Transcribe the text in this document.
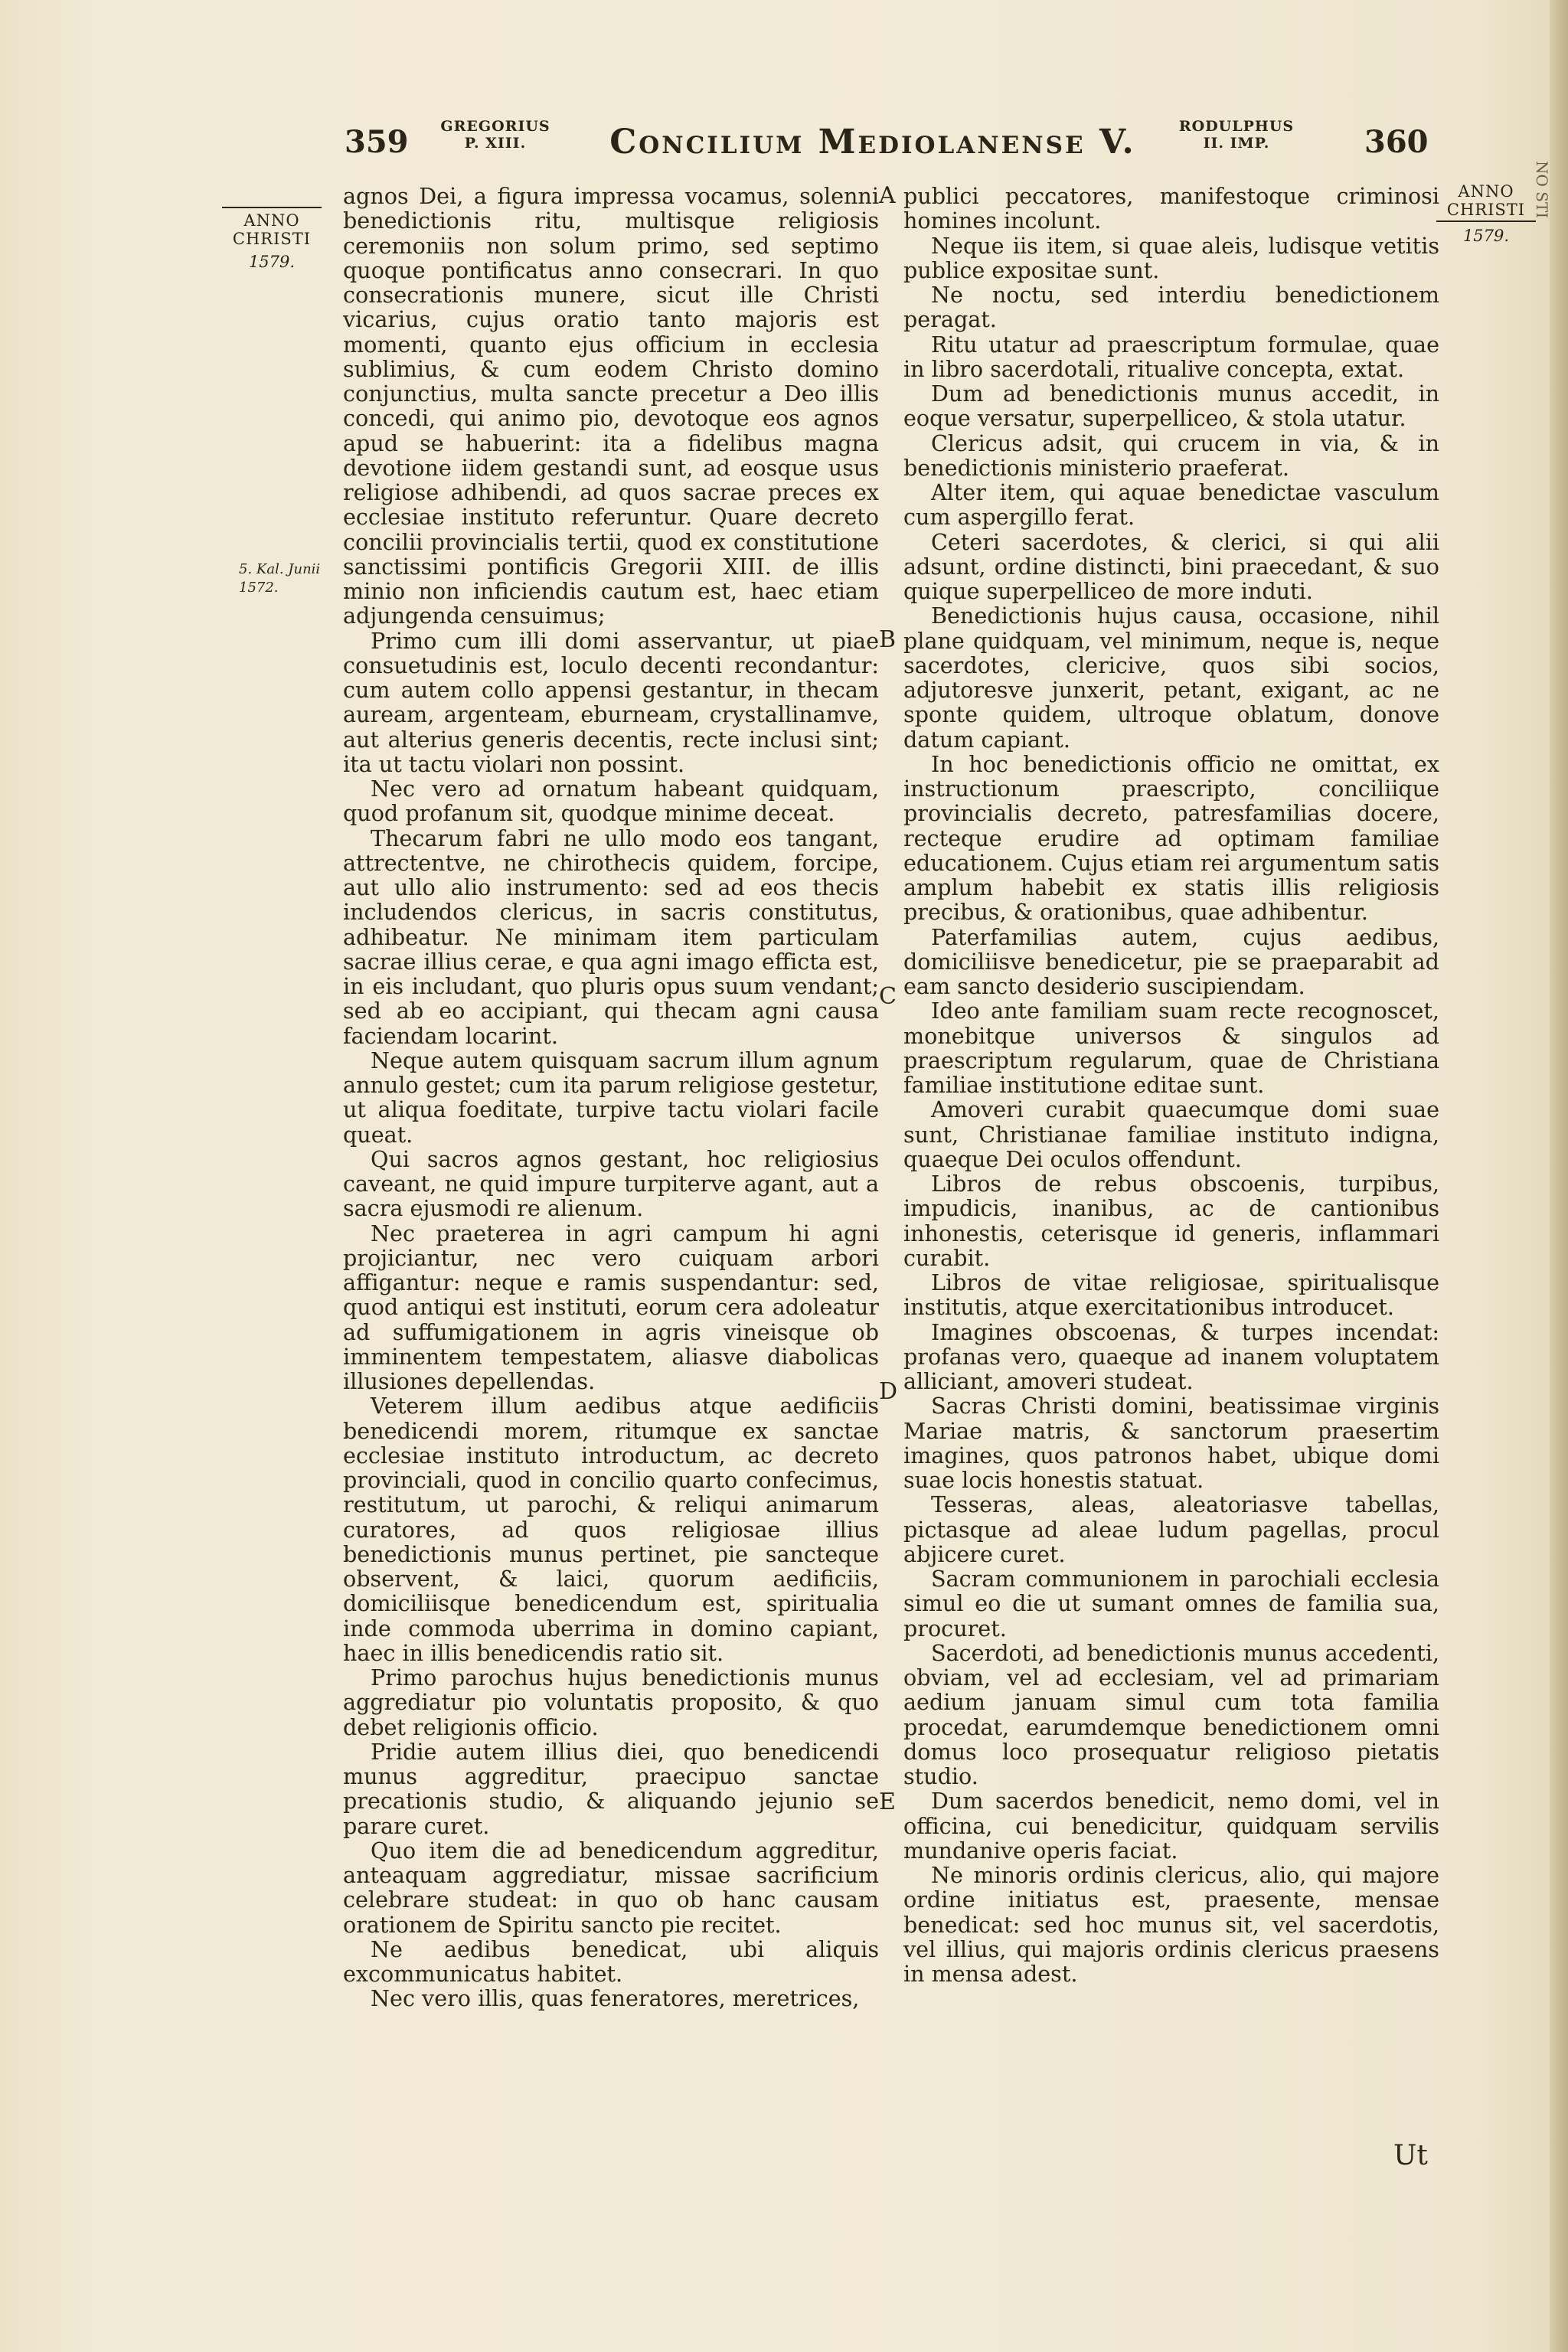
NO STI
359 GREGORIUS P. XIII.	Concilium Mediolanense V.	RODULPHUS II. IMP.	360
ANNO CHRISTI
1579.
5. Kal. Junii 1572.
ANNO CHRISTI
1579.
A
B
C
D
E

agnos Dei, a figura impressa vocamus, solenni benedictionis ritu, multisque religiosis ceremoniis non solum primo, sed septimo quoque pontificatus anno consecrari. In quo consecrationis munere, sicut ille Christi vicarius, cujus oratio tanto majoris est momenti, quanto ejus officium in ecclesia sublimius, & cum eodem Christo domino conjunctius, multa sancte precetur a Deo illis concedi, qui animo pio, devotoque eos agnos apud se habuerint: ita a fidelibus magna devotione iidem gestandi sunt, ad eosque usus religiose adhibendi, ad quos sacrae preces ex ecclesiae instituto referuntur. Quare decreto concilii provincialis tertii, quod ex constitutione sanctissimi pontificis Gregorii XIII. de illis minio non inficiendis cautum est, haec etiam adjungenda censuimus;

Primo cum illi domi asservantur, ut piae consuetudinis est, loculo decenti recondantur: cum autem collo appensi gestantur, in thecam auream, argenteam, eburneam, crystallinamve, aut alterius generis decentis, recte inclusi sint; ita ut tactu violari non possint.

Nec vero ad ornatum habeant quidquam, quod profanum sit, quodque minime deceat.

Thecarum fabri ne ullo modo eos tangant, attrectentve, ne chirothecis quidem, forcipe, aut ullo alio instrumento: sed ad eos thecis includendos clericus, in sacris constitutus, adhibeatur. Ne minimam item particulam sacrae illius cerae, e qua agni imago efficta est, in eis includant, quo pluris opus suum vendant; sed ab eo accipiant, qui thecam agni causa faciendam locarint.

Neque autem quisquam sacrum illum agnum annulo gestet; cum ita parum religiose gestetur, ut aliqua foeditate, turpive tactu violari facile queat.

Qui sacros agnos gestant, hoc religiosius caveant, ne quid impure turpiterve agant, aut a sacra ejusmodi re alienum.

Nec praeterea in agri campum hi agni projiciantur, nec vero cuiquam arbori affigantur: neque e ramis suspendantur: sed, quod antiqui est instituti, eorum cera adoleatur ad suffumigationem in agris vineisque ob imminentem tempestatem, aliasve diabolicas illusiones depellendas.

Veterem illum aedibus atque aedificiis benedicendi morem, ritumque ex sanctae ecclesiae instituto introductum, ac decreto provinciali, quod in concilio quarto confecimus, restitutum, ut parochi, & reliqui animarum curatores, ad quos religiosae illius benedictionis munus pertinet, pie sancteque observent, & laici, quorum aedificiis, domiciliisque benedicendum est, spiritualia inde commoda uberrima in domino capiant, haec in illis benedicendis ratio sit.

Primo parochus hujus benedictionis munus aggrediatur pio voluntatis proposito, & quo debet religionis officio.

Pridie autem illius diei, quo benedicendi munus aggreditur, praecipuo sanctae precationis studio, & aliquando jejunio se parare curet.

Quo item die ad benedicendum aggreditur, anteaquam aggrediatur, missae sacrificium celebrare studeat: in quo ob hanc causam orationem de Spiritu sancto pie recitet.

Ne aedibus benedicat, ubi aliquis excommunicatus habitet.

Nec vero illis, quas feneratores, meretrices,

publici peccatores, manifestoque criminosi homines incolunt.

Neque iis item, si quae aleis, ludisque vetitis publice expositae sunt.

Ne noctu, sed interdiu benedictionem peragat.

Ritu utatur ad praescriptum formulae, quae in libro sacerdotali, ritualive concepta, extat.

Dum ad benedictionis munus accedit, in eoque versatur, superpelliceo, & stola utatur.

Clericus adsit, qui crucem in via, & in benedictionis ministerio praeferat.

Alter item, qui aquae benedictae vasculum cum aspergillo ferat.

Ceteri sacerdotes, & clerici, si qui alii adsunt, ordine distincti, bini praecedant, & suo quique superpelliceo de more induti.

Benedictionis hujus causa, occasione, nihil plane quidquam, vel minimum, neque is, neque sacerdotes, clericive, quos sibi socios, adjutoresve junxerit, petant, exigant, ac ne sponte quidem, ultroque oblatum, donove datum capiant.

In hoc benedictionis officio ne omittat, ex instructionum praescripto, conciliique provincialis decreto, patresfamilias docere, recteque erudire ad optimam familiae educationem. Cujus etiam rei argumentum satis amplum habebit ex statis illis religiosis precibus, & orationibus, quae adhibentur.

Paterfamilias autem, cujus aedibus, domiciliisve benedicetur, pie se praeparabit ad eam sancto desiderio suscipiendam.

Ideo ante familiam suam recte recognoscet, monebitque universos & singulos ad praescriptum regularum, quae de Christiana familiae institutione editae sunt.

Amoveri curabit quaecumque domi suae sunt, Christianae familiae instituto indigna, quaeque Dei oculos offendunt.

Libros de rebus obscoenis, turpibus, impudicis, inanibus, ac de cantionibus inhonestis, ceterisque id generis, inflammari curabit.

Libros de vitae religiosae, spiritualisque institutis, atque exercitationibus introducet.

Imagines obscoenas, & turpes incendat: profanas vero, quaeque ad inanem voluptatem alliciant, amoveri studeat.

Sacras Christi domini, beatissimae virginis Mariae matris, & sanctorum praesertim imagines, quos patronos habet, ubique domi suae locis honestis statuat.

Tesseras, aleas, aleatoriasve tabellas, pictasque ad aleae ludum pagellas, procul abjicere curet.

Sacram communionem in parochiali ecclesia simul eo die ut sumant omnes de familia sua, procuret.

Sacerdoti, ad benedictionis munus accedenti, obviam, vel ad ecclesiam, vel ad primariam aedium januam simul cum tota familia procedat, earumdemque benedictionem omni domus loco prosequatur religioso pietatis studio.

Dum sacerdos benedicit, nemo domi, vel in officina, cui benedicitur, quidquam servilis mundanive operis faciat.

Ne minoris ordinis clericus, alio, qui majore ordine initiatus est, praesente, mensae benedicat: sed hoc munus sit, vel sacerdotis, vel illius, qui majoris ordinis clericus praesens in mensa adest.

Ut
